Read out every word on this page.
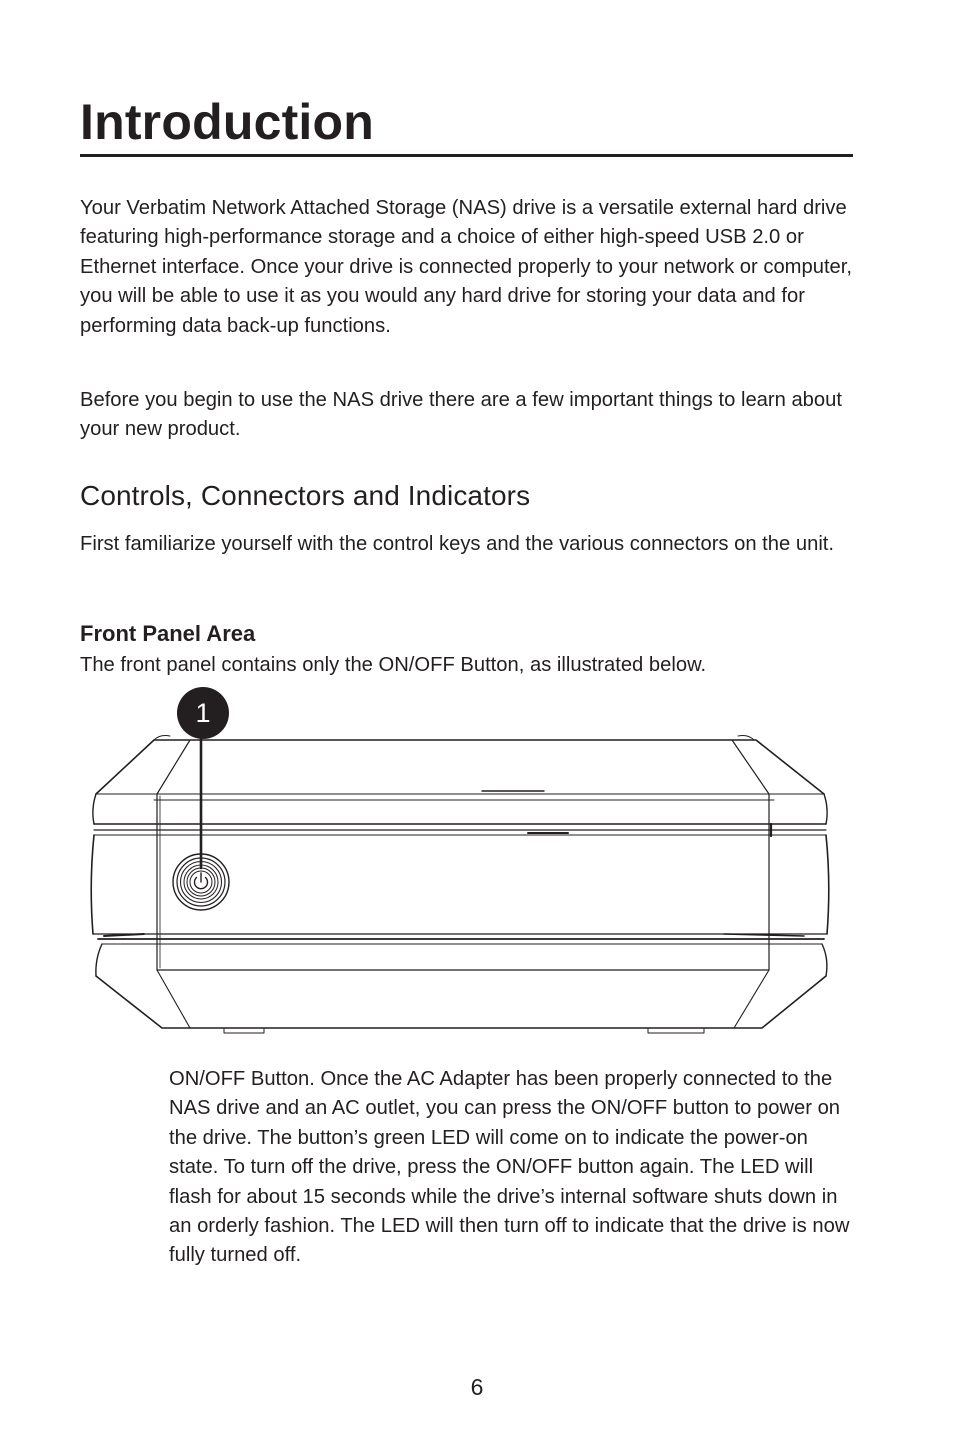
Introduction

Your Verbatim Network Attached Storage (NAS) drive is a versatile external hard drive featuring high-performance storage and a choice of either high-speed USB 2.0 or Ethernet interface. Once your drive is connected properly to your network or computer, you will be able to use it as you would any hard drive for storing your data and for performing data back-up functions.

Before you begin to use the NAS drive there are a few important things to learn about your new product.

Controls, Connectors and Indicators

First familiarize yourself with the control keys and the various connectors on the unit.

Front Panel Area

The front panel contains only the ON/OFF Button, as illustrated below.

1

ON/OFF Button. Once the AC Adapter has been properly connected to the NAS drive and an AC outlet, you can press the ON/OFF button to power on the drive. The button’s green LED will come on to indicate the power-on state. To turn off the drive, press the ON/OFF button again. The LED will flash for about 15 seconds while the drive’s internal software shuts down in an orderly fashion. The LED will then turn off to indicate that the drive is now fully turned off.

6
